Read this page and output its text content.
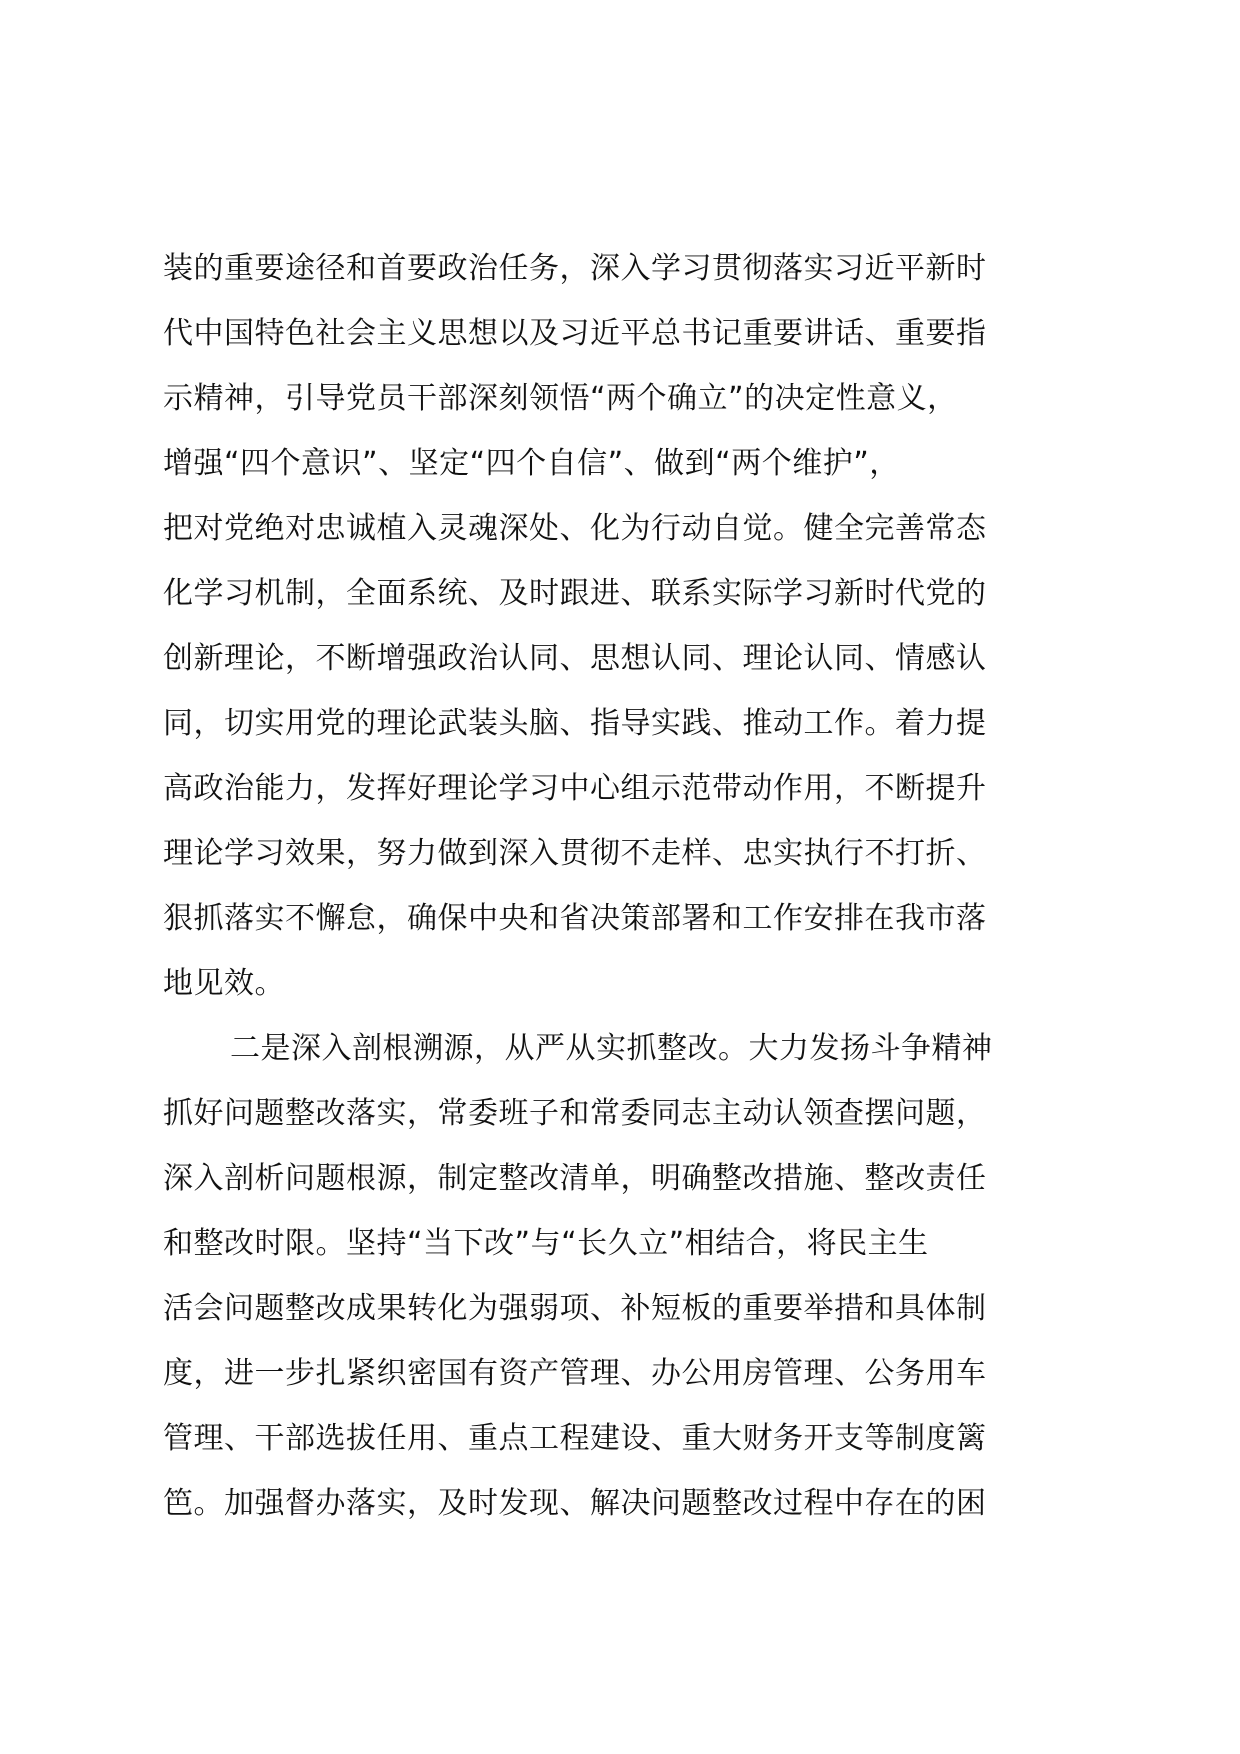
装的重要途径和首要政治任务，深入学习贯彻落实习近平新时
代中国特色社会主义思想以及习近平总书记重要讲话、重要指
示精神，引导党员干部深刻领悟“两个确立”的决定性意义，
增强“四个意识”、坚定“四个自信”、做到“两个维护”，
把对党绝对忠诚植入灵魂深处、化为行动自觉。健全完善常态
化学习机制，全面系统、及时跟进、联系实际学习新时代党的
创新理论，不断增强政治认同、思想认同、理论认同、情感认
同，切实用党的理论武装头脑、指导实践、推动工作。着力提
高政治能力，发挥好理论学习中心组示范带动作用，不断提升
理论学习效果，努力做到深入贯彻不走样、忠实执行不打折、
狠抓落实不懈怠，确保中央和省决策部署和工作安排在我市落
地见效。
二是深入剖根溯源，从严从实抓整改。大力发扬斗争精神
抓好问题整改落实，常委班子和常委同志主动认领查摆问题，
深入剖析问题根源，制定整改清单，明确整改措施、整改责任
和整改时限。坚持“当下改”与“长久立”相结合，将民主生
活会问题整改成果转化为强弱项、补短板的重要举措和具体制
度，进一步扎紧织密国有资产管理、办公用房管理、公务用车
管理、干部选拔任用、重点工程建设、重大财务开支等制度篱
笆。加强督办落实，及时发现、解决问题整改过程中存在的困
